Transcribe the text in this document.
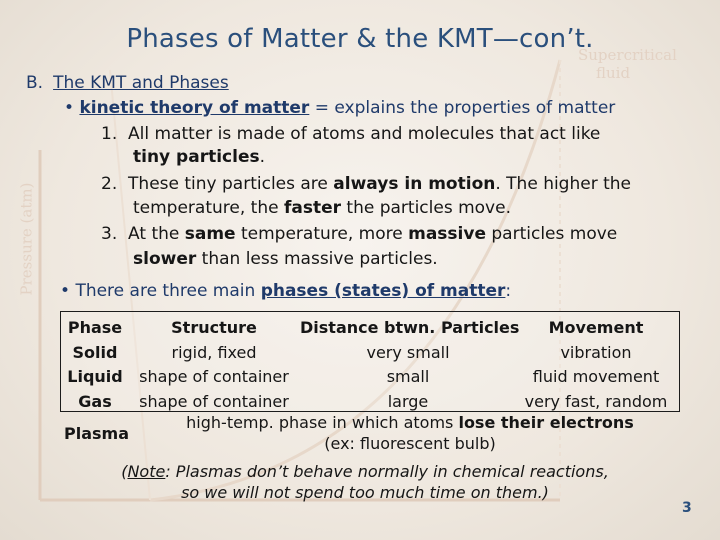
Pressure (atm)
Supercritical
fluid
Phases of Matter & the KMT—con’t.
B. The KMT and Phases
• kinetic theory of matter = explains the properties of matter
1. All matter is made of atoms and molecules that act like
tiny particles.
2. These tiny particles are always in motion. The higher the
temperature, the faster the particles move.
3. At the same temperature, more massive particles move
slower than less massive particles.
• There are three main phases (states) of matter:
Phase
Solid
Liquid
Gas
Structure
rigid, fixed
shape of container
shape of container
Distance btwn. Particles
very small
small
large
Movement
vibration
fluid movement
very fast, random
Plasma
high-temp. phase in which atoms lose their electrons
(ex: fluorescent bulb)
(Note: Plasmas don’t behave normally in chemical reactions,
so we will not spend too much time on them.)
3
